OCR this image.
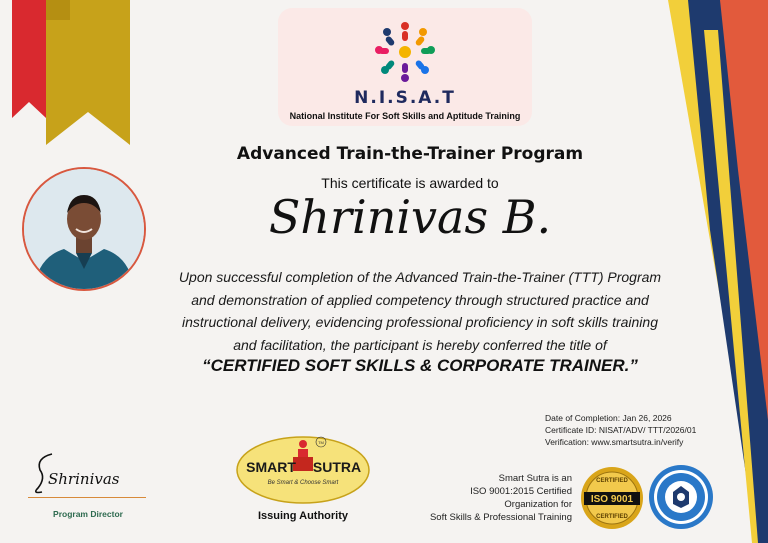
N.I.S.A.T
National Institute For Soft Skills and Aptitude Training
Advanced Train-the-Trainer Program
This certificate is awarded to
Shrinivas B.
Upon successful completion of the Advanced Train-the-Trainer (TTT) Program
and demonstration of applied competency through structured practice and
instructional delivery, evidencing professional proficiency in soft skills training
and facilitation, the participant is hereby conferred the title of
“CERTIFIED SOFT SKILLS & CORPORATE TRAINER.”
Date of Completion: Jan 26, 2026
Certificate ID: NISAT/ADV/ TTT/2026/01
Verification: www.smartsutra.in/verify
Shrinivas
Program Director
SMART SUTRA
Be Smart & Choose Smart
TM
Issuing Authority
Smart Sutra is an
ISO 9001:2015 Certified
Organization for
Soft Skills & Professional Training
ISO 9001
CERTIFIED
CERTIFIED
